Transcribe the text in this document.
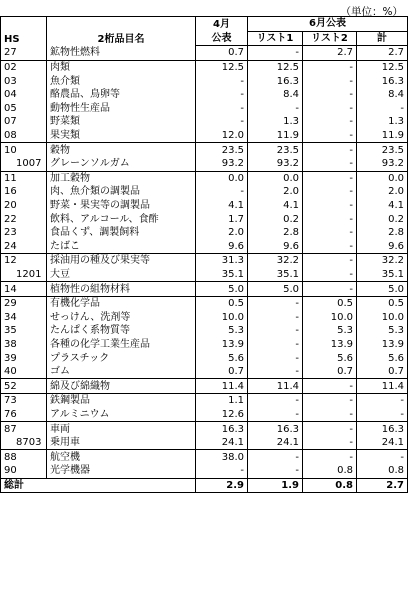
（単位：%）
HS	2桁品目名	4月	6月公表		
		公表	リスト1	リスト2	計
27	鉱物性燃料	0.7	-	2.7	2.7
02	肉類	12.5	12.5	-	12.5
03	魚介類	-	16.3	-	16.3
04	酪農品、鳥卵等	-	8.4	-	8.4
05	動物性生産品	-	-	-	-
07	野菜類	-	1.3	-	1.3
08	果実類	12.0	11.9	-	11.9
10	穀物	23.5	23.5	-	23.5
1007	グレーンソルガム	93.2	93.2	-	93.2
11	加工穀物	0.0	0.0	-	0.0
16	肉、魚介類の調製品	-	2.0	-	2.0
20	野菜・果実等の調製品	4.1	4.1	-	4.1
22	飲料、アルコール、食酢	1.7	0.2	-	0.2
23	食品くず、調製飼料	2.0	2.8	-	2.8
24	たばこ	9.6	9.6	-	9.6
12	採油用の種及び果実等	31.3	32.2	-	32.2
1201	大豆	35.1	35.1	-	35.1
14	植物性の組物材料	5.0	5.0	-	5.0
29	有機化学品	0.5	-	0.5	0.5
34	せっけん、洗剤等	10.0	-	10.0	10.0
35	たんぱく系物質等	5.3	-	5.3	5.3
38	各種の化学工業生産品	13.9	-	13.9	13.9
39	プラスチック	5.6	-	5.6	5.6
40	ゴム	0.7	-	0.7	0.7
52	綿及び綿織物	11.4	11.4	-	11.4
73	鉄鋼製品	1.1	-	-	-
76	アルミニウム	12.6	-	-	-
87	車両	16.3	16.3	-	16.3
8703	乗用車	24.1	24.1	-	24.1
88	航空機	38.0	-	-	-
90	光学機器	-	-	0.8	0.8
総計		2.9	1.9	0.8	2.7
